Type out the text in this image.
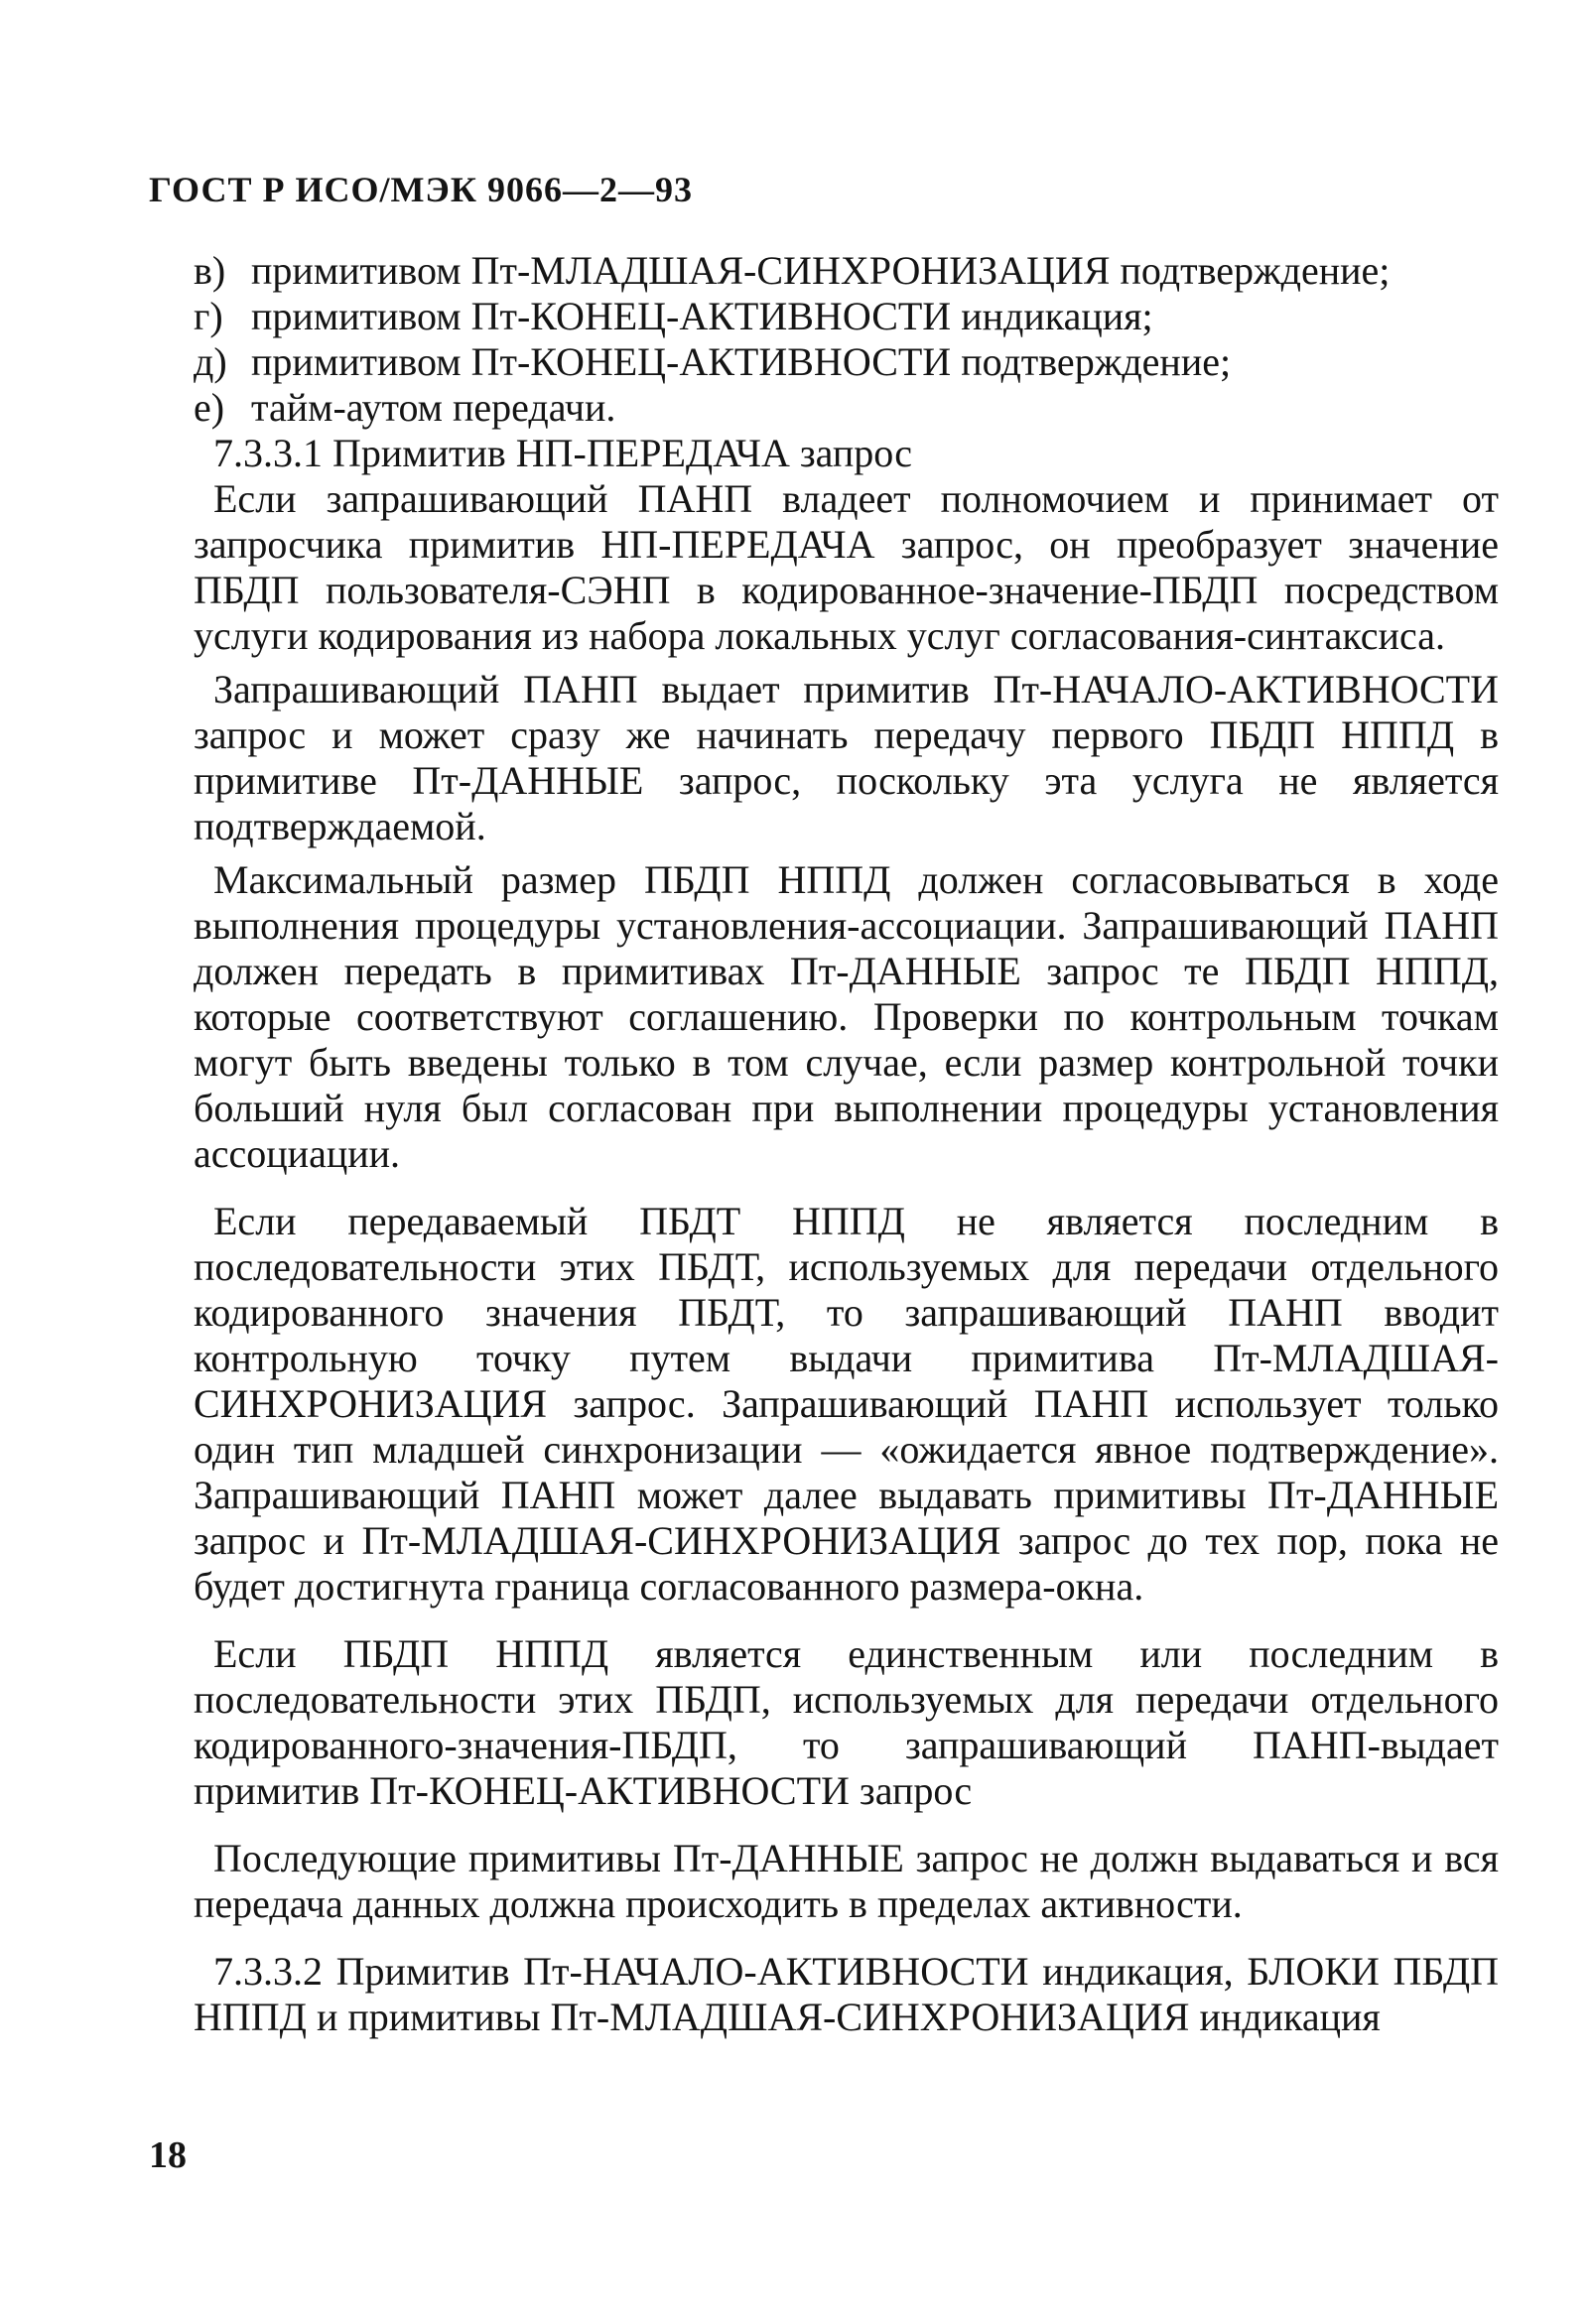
ГОСТ Р ИСО/МЭК 9066—2—93
в) примитивом Пт-МЛАДШАЯ-СИНХРОНИЗАЦИЯ подтверждение;
г) примитивом Пт-КОНЕЦ-АКТИВНОСТИ индикация;
д) примитивом Пт-КОНЕЦ-АКТИВНОСТИ подтверждение;
е) тайм-аутом передачи.

7.3.3.1 Примитив НП-ПЕРЕДАЧА запрос

Если запрашивающий ПАНП владеет полномочием и принимает от запросчика примитив НП-ПЕРЕДАЧА запрос, он преобразует значение ПБДП пользователя-СЭНП в кодированное-значение-ПБДП посредством услуги кодирования из набора локальных услуг согласования-синтаксиса.

Запрашивающий ПАНП выдает примитив Пт-НАЧАЛО-АКТИВНОСТИ запрос и может сразу же начинать передачу первого ПБДП НППД в примитиве Пт-ДАННЫЕ запрос, поскольку эта услуга не является подтверждаемой.

Максимальный размер ПБДП НППД должен согласовываться в ходе выполнения процедуры установления-ассоциации. Запрашивающий ПАНП должен передать в примитивах Пт-ДАННЫЕ запрос те ПБДП НППД, которые соответствуют соглашению. Проверки по контрольным точкам могут быть введены только в том случае, если размер контрольной точки больший нуля был согласован при выполнении процедуры установления ассоциации.

Если передаваемый ПБДТ НППД не является последним в последовательности этих ПБДТ, используемых для передачи отдельного кодированного значения ПБДТ, то запрашивающий ПАНП вводит контрольную точку путем выдачи примитива Пт-МЛАДШАЯ-СИНХРОНИЗАЦИЯ запрос. Запрашивающий ПАНП использует только один тип младшей синхронизации — «ожидается явное подтверждение». Запрашивающий ПАНП может далее выдавать примитивы Пт-ДАННЫЕ запрос и Пт-МЛАДШАЯ-СИНХРОНИЗАЦИЯ запрос до тех пор, пока не будет достигнута граница согласованного размера-окна.

Если ПБДП НППД является единственным или последним в последовательности этих ПБДП, используемых для передачи отдельного кодированного-значения-ПБДП, то запрашивающий ПАНП-выдает примитив Пт-КОНЕЦ-АКТИВНОСТИ запрос

Последующие примитивы Пт-ДАННЫЕ запрос не должн выдаваться и вся передача данных должна происходить в пределах активности.

7.3.3.2 Примитив Пт-НАЧАЛО-АКТИВНОСТИ индикация, БЛОКИ ПБДП НППД и примитивы Пт-МЛАДШАЯ-СИНХРОНИЗАЦИЯ индикация

18
